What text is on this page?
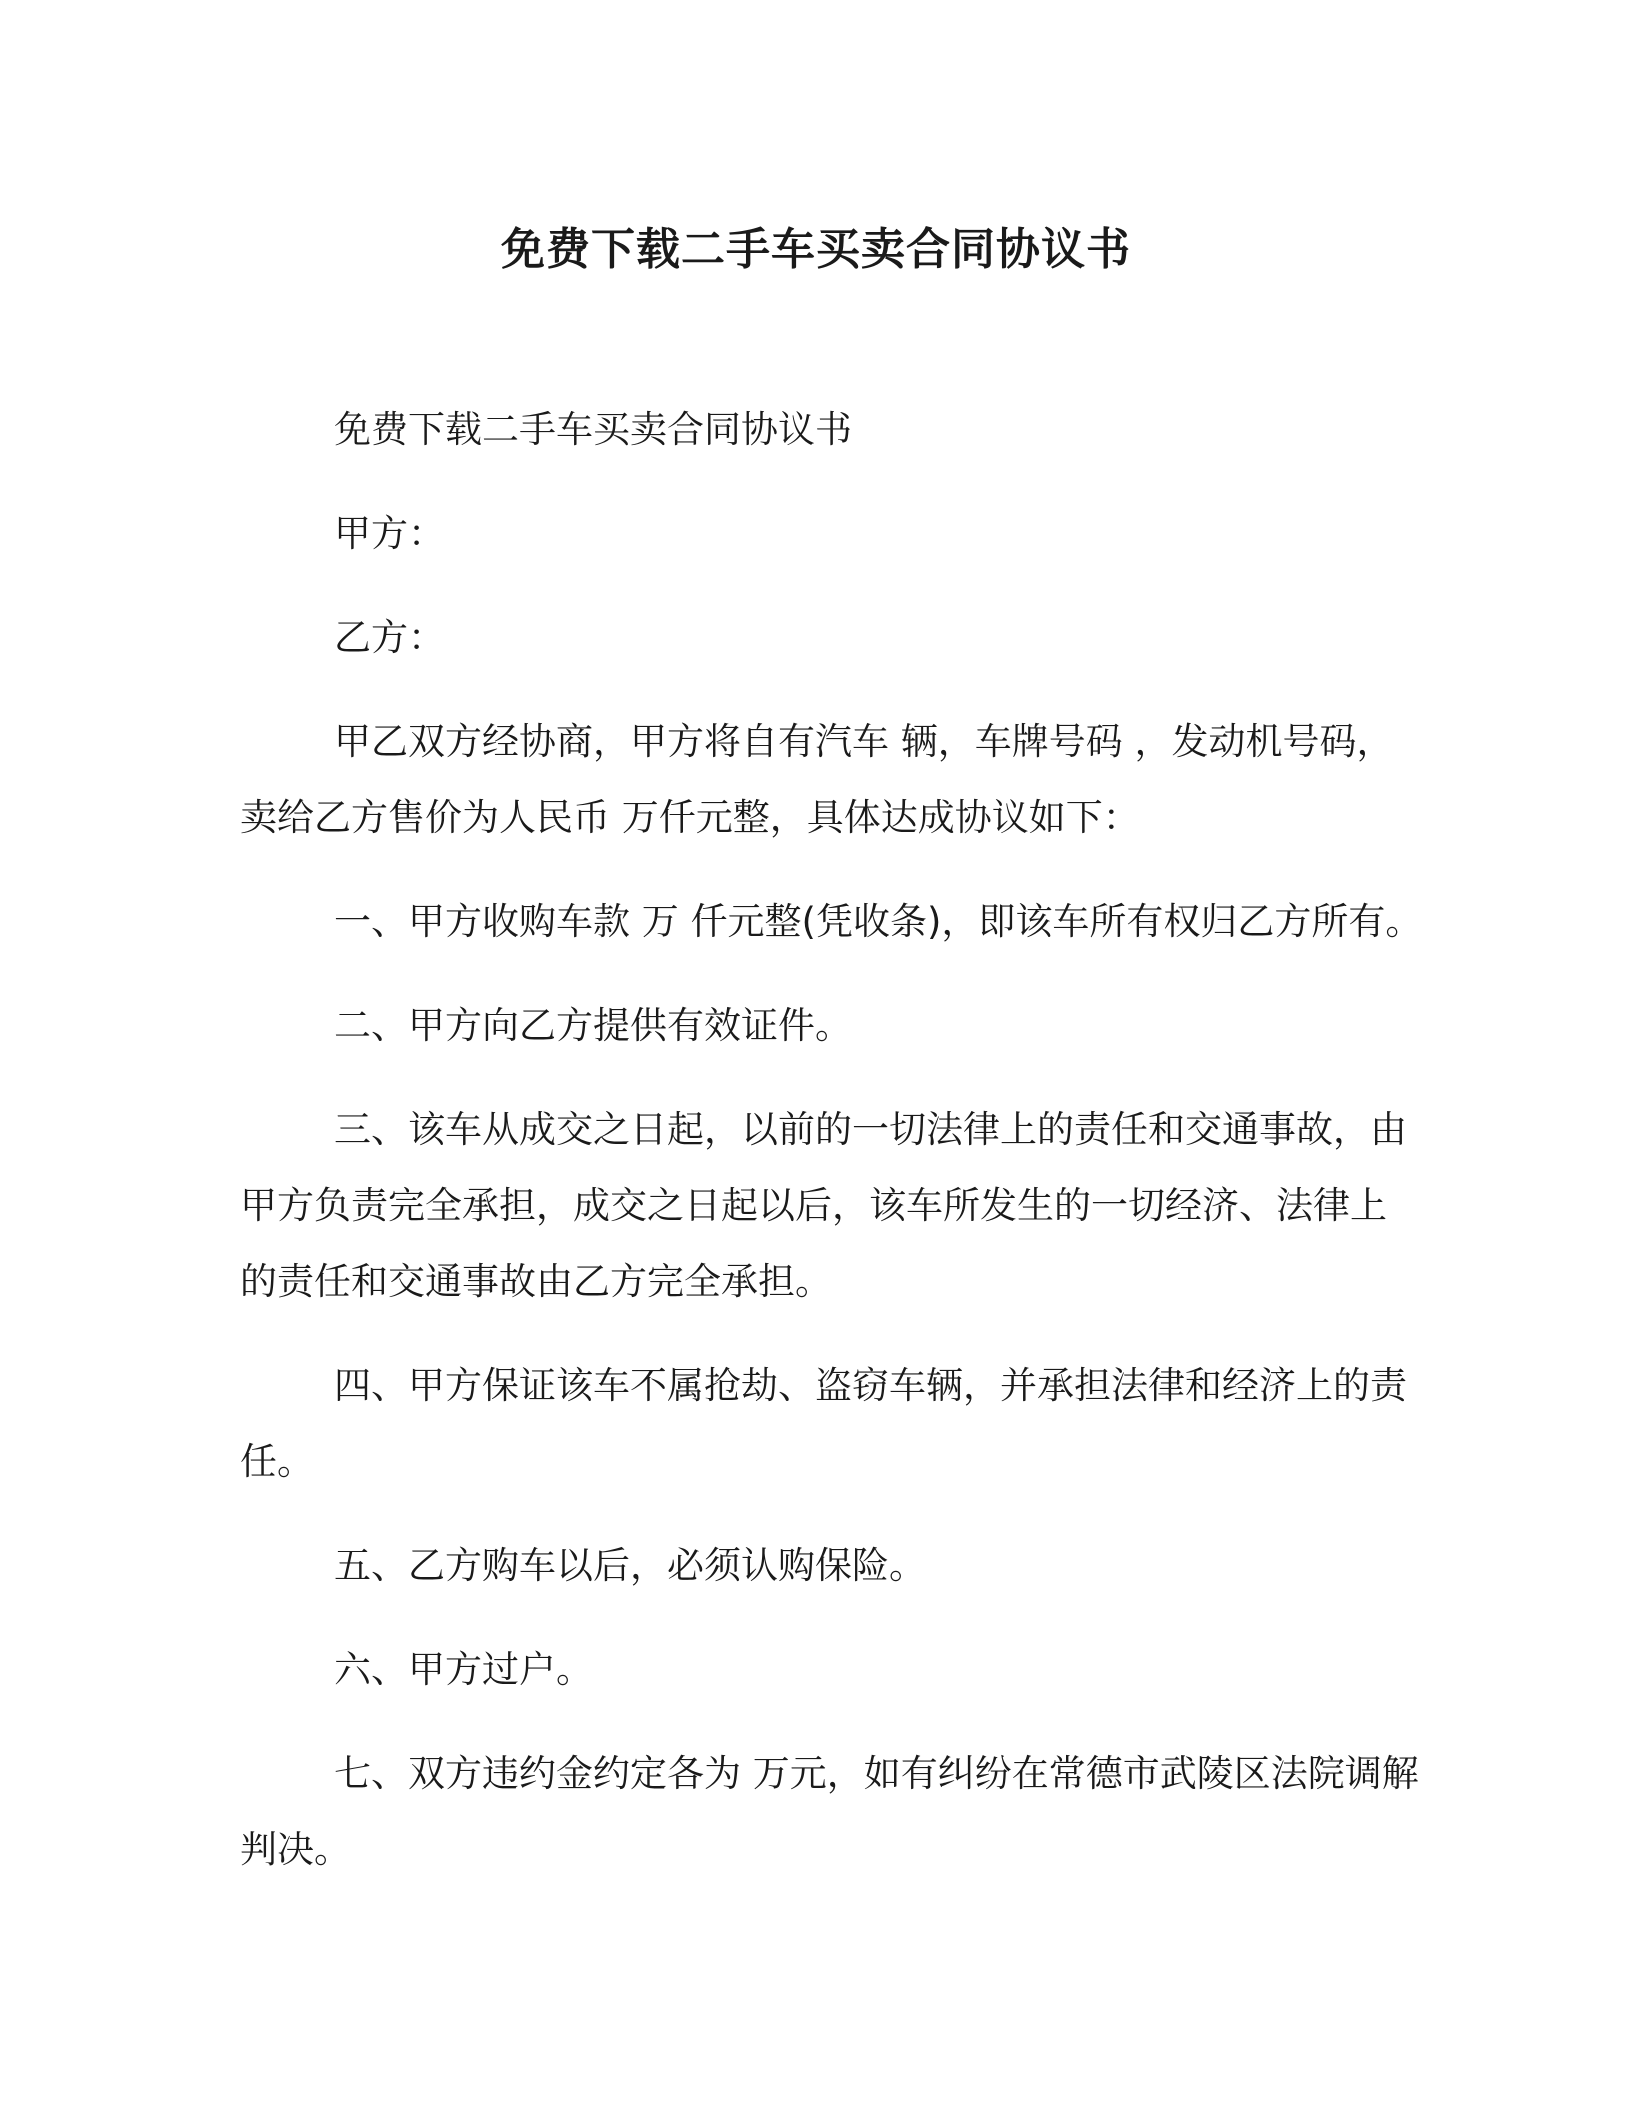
免费下载二手车买卖合同协议书

免费下载二手车买卖合同协议书

甲方：

乙方：

甲乙双方经协商，甲方将自有汽车 辆，车牌号码 ，发动机号码，卖给乙方售价为人民币 万仟元整，具体达成协议如下：

一、甲方收购车款 万 仟元整(凭收条)，即该车所有权归乙方所有。

二、甲方向乙方提供有效证件。

三、该车从成交之日起，以前的一切法律上的责任和交通事故，由甲方负责完全承担，成交之日起以后，该车所发生的一切经济、法律上的责任和交通事故由乙方完全承担。

四、甲方保证该车不属抢劫、盗窃车辆，并承担法律和经济上的责任。

五、乙方购车以后，必须认购保险。

六、甲方过户。

七、双方违约金约定各为 万元，如有纠纷在常德市武陵区法院调解判决。
